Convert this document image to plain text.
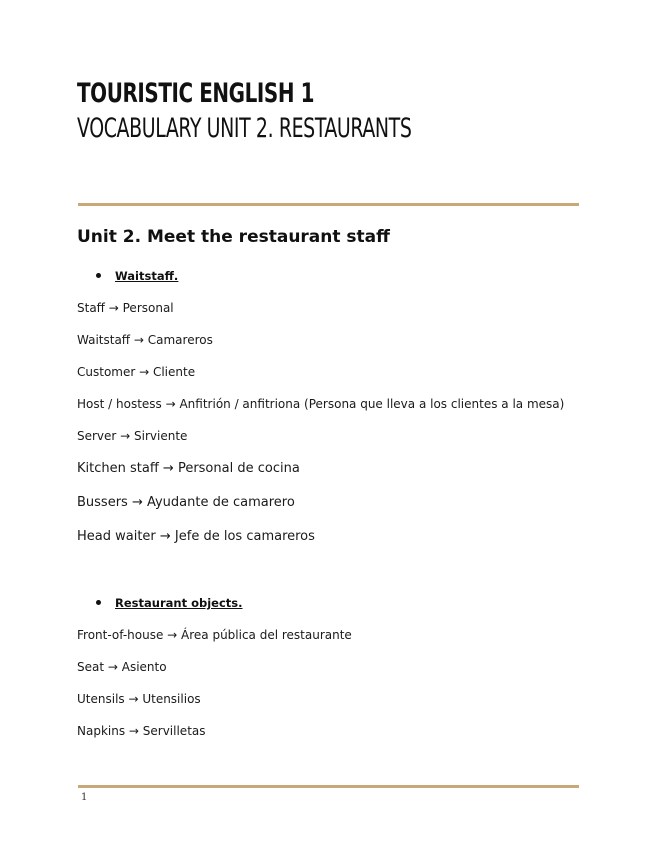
TOURISTIC ENGLISH 1
VOCABULARY UNIT 2. RESTAURANTS
Unit 2. Meet the restaurant staff
Waitstaff.
Staff → Personal
Waitstaff → Camareros
Customer → Cliente
Host / hostess → Anfitrión / anfitriona (Persona que lleva a los clientes a la mesa)
Server → Sirviente
Kitchen staff → Personal de cocina
Bussers → Ayudante de camarero
Head waiter → Jefe de los camareros
Restaurant objects.
Front-of-house → Área pública del restaurante
Seat → Asiento
Utensils → Utensilios
Napkins → Servilletas
1
